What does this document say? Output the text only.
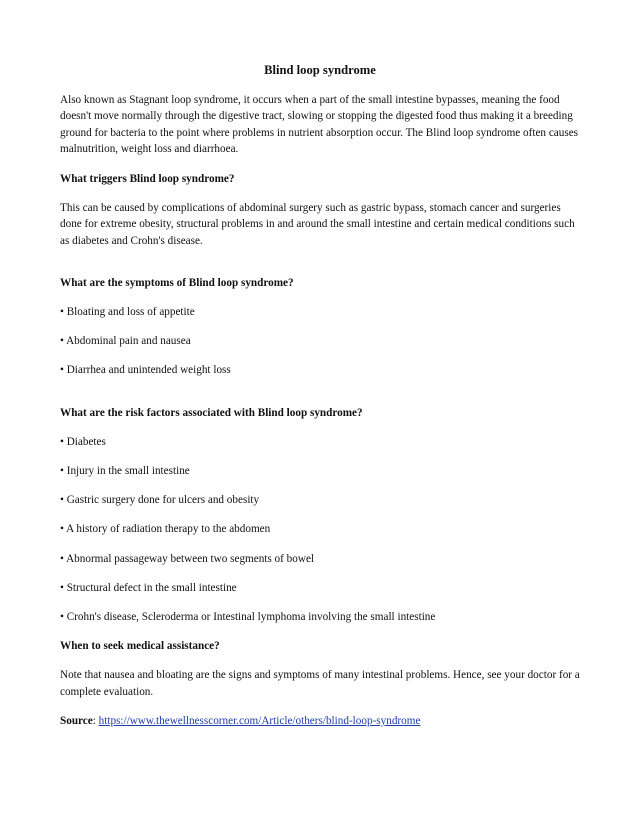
Blind loop syndrome

Also known as Stagnant loop syndrome, it occurs when a part of the small intestine bypasses, meaning the food doesn't move normally through the digestive tract, slowing or stopping the digested food thus making it a breeding ground for bacteria to the point where problems in nutrient absorption occur. The Blind loop syndrome often causes malnutrition, weight loss and diarrhoea.

What triggers Blind loop syndrome?

This can be caused by complications of abdominal surgery such as gastric bypass, stomach cancer and surgeries done for extreme obesity, structural problems in and around the small intestine and certain medical conditions such as diabetes and Crohn's disease.

What are the symptoms of Blind loop syndrome?

• Bloating and loss of appetite

• Abdominal pain and nausea

• Diarrhea and unintended weight loss

What are the risk factors associated with Blind loop syndrome?

• Diabetes

• Injury in the small intestine

• Gastric surgery done for ulcers and obesity

• A history of radiation therapy to the abdomen

• Abnormal passageway between two segments of bowel

• Structural defect in the small intestine

• Crohn's disease, Scleroderma or Intestinal lymphoma involving the small intestine

When to seek medical assistance?

Note that nausea and bloating are the signs and symptoms of many intestinal problems. Hence, see your doctor for a complete evaluation.

Source: https://www.thewellnesscorner.com/Article/others/blind-loop-syndrome
